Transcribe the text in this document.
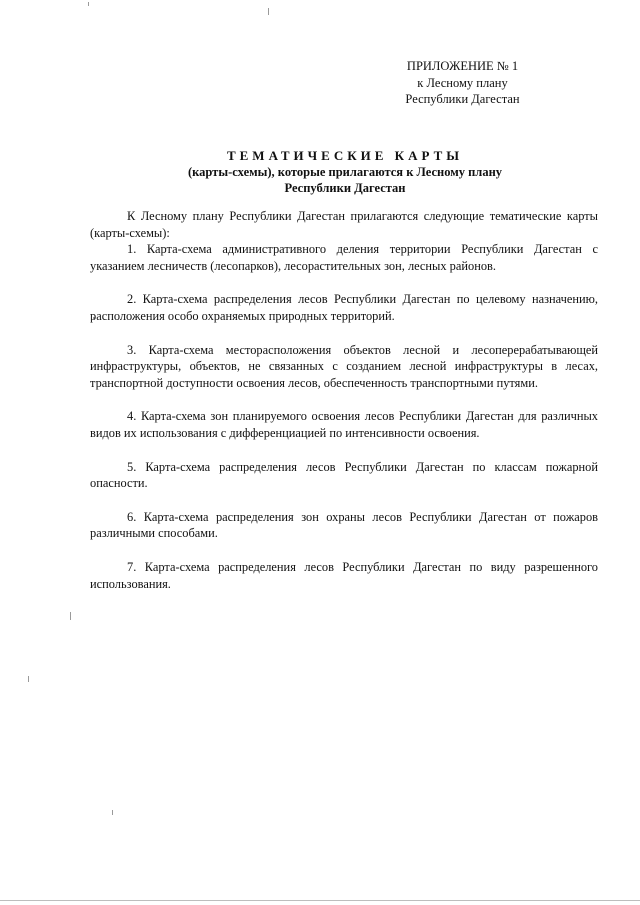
ПРИЛОЖЕНИЕ № 1
к Лесному плану
Республики Дагестан
ТЕМАТИЧЕСКИЕ КАРТЫ
(карты-схемы), которые прилагаются к Лесному плану
Республики Дагестан

К Лесному плану Республики Дагестан прилагаются следующие тематические карты (карты-схемы):

1. Карта-схема административного деления территории Республики Дагестан с указанием лесничеств (лесопарков), лесорастительных зон, лесных районов.

2. Карта-схема распределения лесов Республики Дагестан по целевому назначению, расположения особо охраняемых природных территорий.

3. Карта-схема месторасположения объектов лесной и лесоперерабатывающей инфраструктуры, объектов, не связанных с созданием лесной инфраструктуры в лесах, транспортной доступности освоения лесов, обеспеченность транспортными путями.

4. Карта-схема зон планируемого освоения лесов Республики Дагестан для различных видов их использования с дифференциацией по интенсивности освоения.

5. Карта-схема распределения лесов Республики Дагестан по классам пожарной опасности.

6. Карта-схема распределения зон охраны лесов Республики Дагестан от пожаров различными способами.

7. Карта-схема распределения лесов Республики Дагестан по виду разрешенного использования.
